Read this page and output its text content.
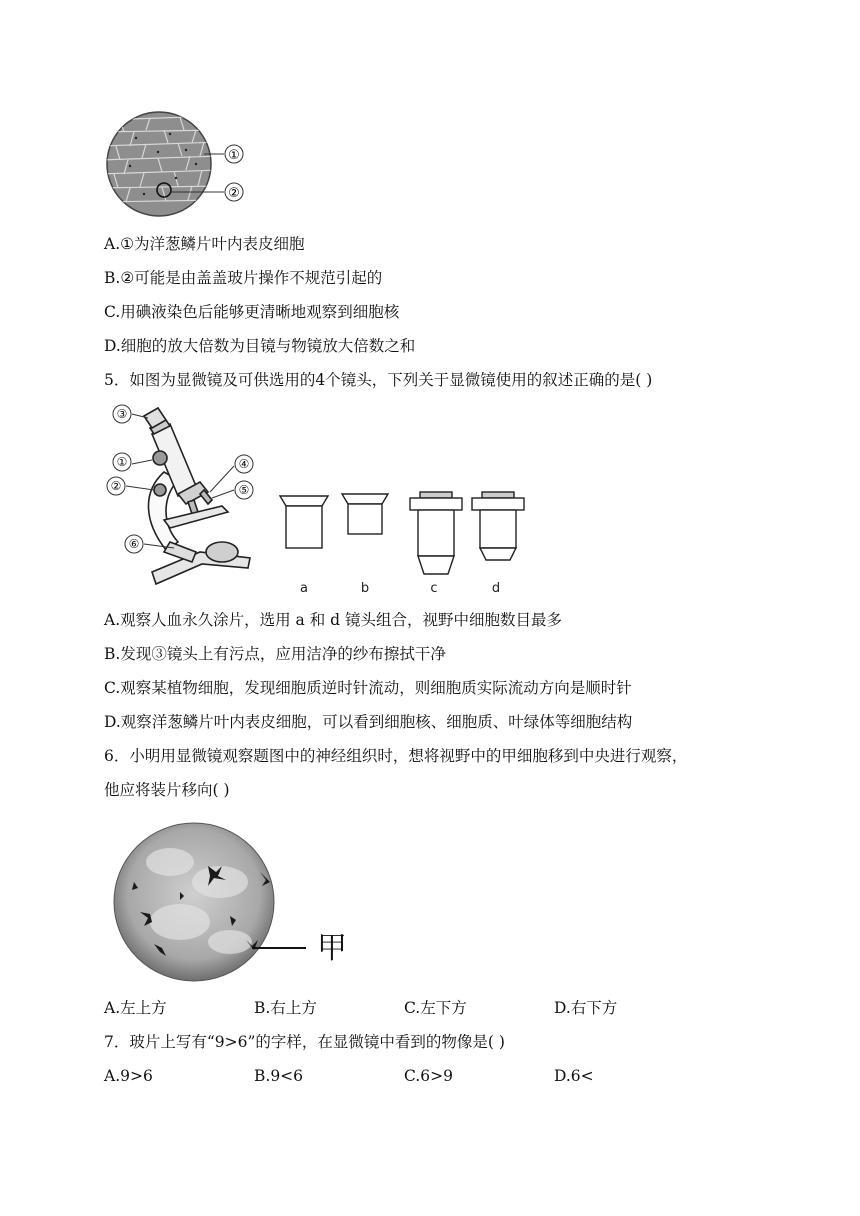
①
②
A.①为洋葱鳞片叶内表皮细胞
B.②可能是由盖盖玻片操作不规范引起的
C.用碘液染色后能够更清晰地观察到细胞核
D.细胞的放大倍数为目镜与物镜放大倍数之和
5．如图为显微镜及可供选用的4个镜头，下列关于显微镜使用的叙述正确的是( )
③
①
②
④
⑤
⑥
a	b	c	d
A.观察人血永久涂片，选用 a 和 d 镜头组合，视野中细胞数目最多
B.发现③镜头上有污点，应用洁净的纱布擦拭干净
C.观察某植物细胞，发现细胞质逆时针流动，则细胞质实际流动方向是顺时针
D.观察洋葱鳞片叶内表皮细胞，可以看到细胞核、细胞质、叶绿体等细胞结构
6．小明用显微镜观察题图中的神经组织时，想将视野中的甲细胞移到中央进行观察，
他应将装片移向( )
甲
A.左上方	B.右上方	C.左下方	D.右下方
7．玻片上写有“9>6”的字样，在显微镜中看到的物像是( )
A.9>6	B.9<6	C.6>9	D.6<
